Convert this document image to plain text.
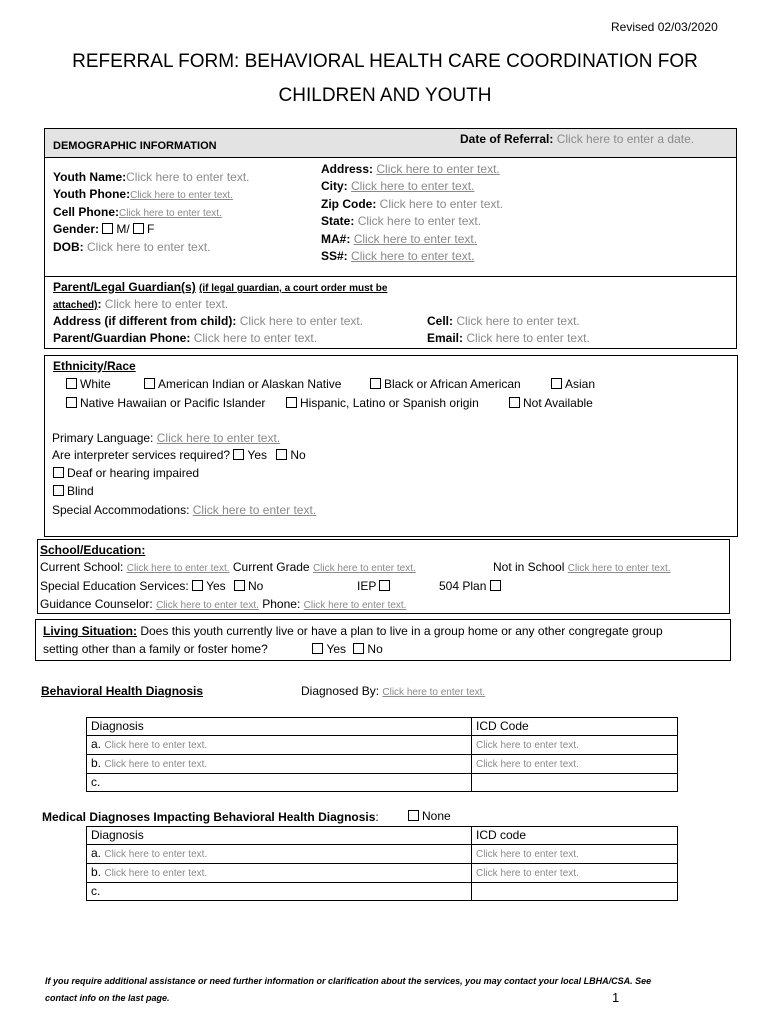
Revised 02/03/2020
REFERRAL FORM: BEHAVIORAL HEALTH CARE COORDINATION FOR
CHILDREN AND YOUTH
DEMOGRAPHIC INFORMATION	Date of Referral: Click here to enter a date.
Youth Name:Click here to enter text.
Youth Phone:Click here to enter text.
Cell Phone:Click here to enter text.
Gender: M/ F
DOB: Click here to enter text.
Address: Click here to enter text.
City: Click here to enter text.
Zip Code: Click here to enter text.
State: Click here to enter text.
MA#: Click here to enter text.
SS#: Click here to enter text.
Parent/Legal Guardian(s) (if legal guardian, a court order must be
attached): Click here to enter text.
Address (if different from child): Click here to enter text.
Parent/Guardian Phone: Click here to enter text.
Cell: Click here to enter text.
Email: Click here to enter text.
Ethnicity/Race
White	American Indian or Alaskan Native	Black or African American	Asian
Native Hawaiian or Pacific Islander	Hispanic, Latino or Spanish origin	Not Available
Primary Language: Click here to enter text.
Are interpreter services required? Yes No
Deaf or hearing impaired
Blind
Special Accommodations: Click here to enter text.
School/Education:
Current School: Click here to enter text. Current Grade Click here to enter text.	Not in School Click here to enter text.
Special Education Services: Yes No	IEP	504 Plan
Guidance Counselor: Click here to enter text. Phone: Click here to enter text.
Living Situation: Does this youth currently live or have a plan to live in a group home or any other congregate group
setting other than a family or foster home?	Yes No
Behavioral Health Diagnosis	Diagnosed By: Click here to enter text.
Diagnosis	ICD Code
a. Click here to enter text.	Click here to enter text.
b. Click here to enter text.	Click here to enter text.
c.	
Medical Diagnoses Impacting Behavioral Health Diagnosis:	None
Diagnosis	ICD code
a. Click here to enter text.	Click here to enter text.
b. Click here to enter text.	Click here to enter text.
c.	
If you require additional assistance or need further information or clarification about the services, you may contact your local LBHA/CSA. See
contact info on the last page.	1
